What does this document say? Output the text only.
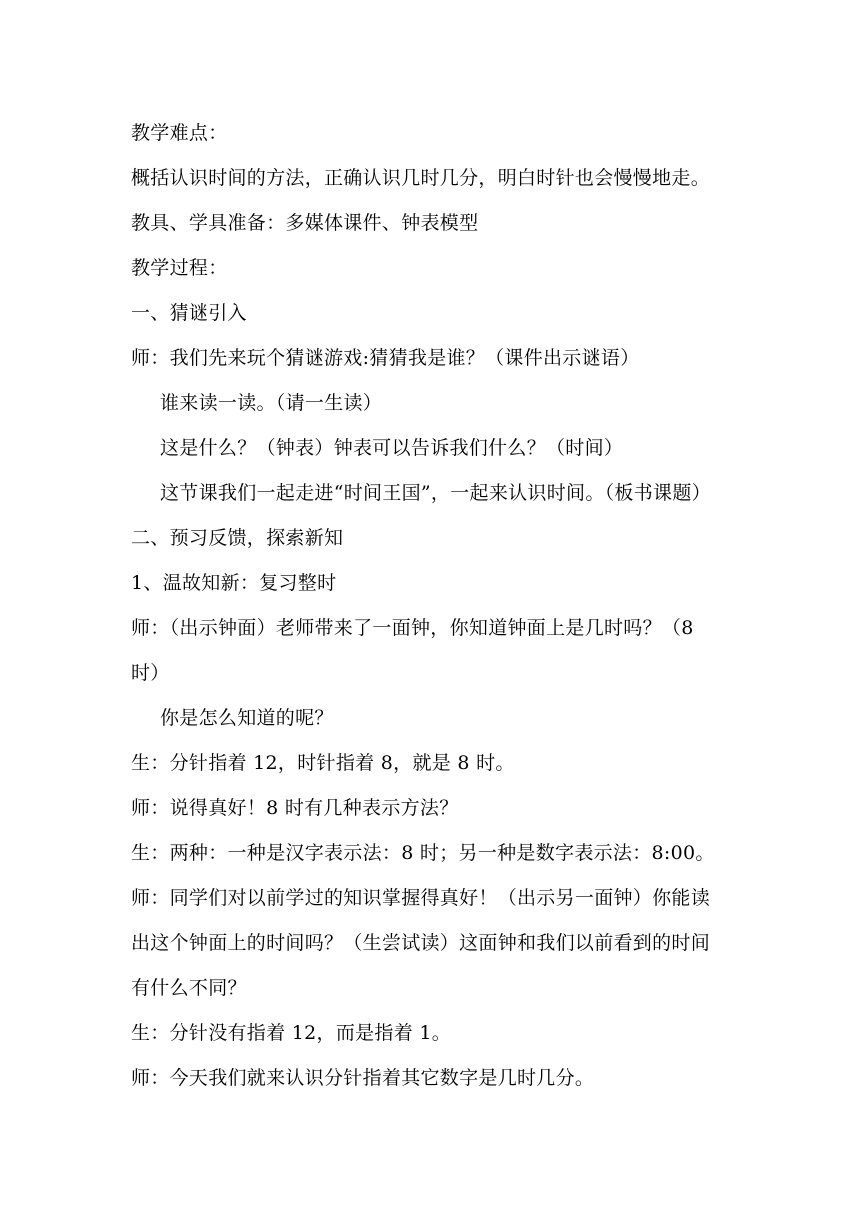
教学难点：
概括认识时间的方法，正确认识几时几分，明白时针也会慢慢地走。
教具、学具准备：多媒体课件、钟表模型
教学过程：
一、猜谜引入
师：我们先来玩个猜谜游戏:猜猜我是谁？（课件出示谜语）
谁来读一读。（请一生读）
这是什么？（钟表）钟表可以告诉我们什么？（时间）
这节课我们一起走进“时间王国”，一起来认识时间。（板书课题）
二、预习反馈，探索新知
1、温故知新：复习整时
师：（出示钟面）老师带来了一面钟，你知道钟面上是几时吗？（8
时）
你是怎么知道的呢？
生：分针指着 12，时针指着 8，就是 8 时。
师：说得真好！8 时有几种表示方法？
生：两种：一种是汉字表示法：8 时；另一种是数字表示法：8:00。
师：同学们对以前学过的知识掌握得真好！（出示另一面钟）你能读
出这个钟面上的时间吗？（生尝试读）这面钟和我们以前看到的时间
有什么不同？
生：分针没有指着 12，而是指着 1。
师：今天我们就来认识分针指着其它数字是几时几分。
